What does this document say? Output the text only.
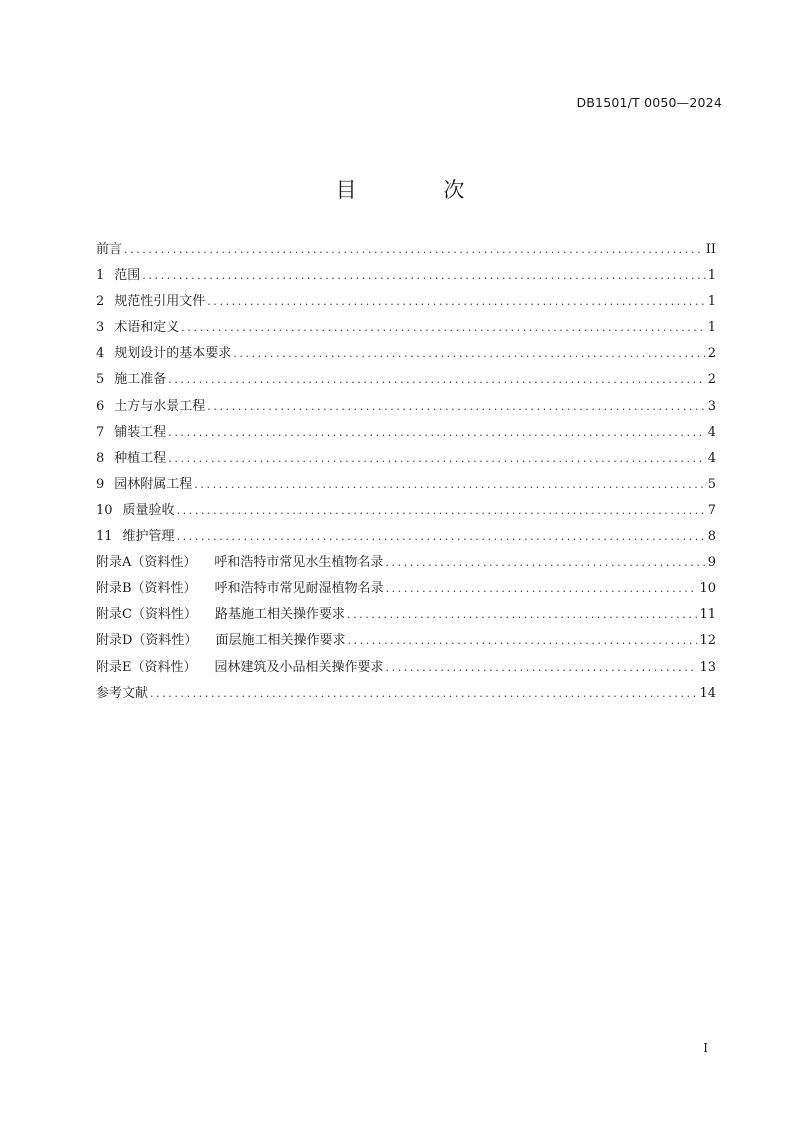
DB1501/T 0050—2024
目 次
前言 .....	II
1 范围 .....	1
2 规范性引用文件 .....	1
3 术语和定义 .....	1
4 规划设计的基本要求 .....	2
5 施工准备 .....	2
6 土方与水景工程 .....	3
7 铺装工程 .....	4
8 种植工程 .....	4
9 园林附属工程 .....	5
10 质量验收 .....	7
11 维护管理 .....	8
附录A（资料性） 呼和浩特市常见水生植物名录 .....	9
附录B（资料性） 呼和浩特市常见耐湿植物名录 .....	10
附录C（资料性） 路基施工相关操作要求 .....	11
附录D（资料性） 面层施工相关操作要求 .....	12
附录E（资料性） 园林建筑及小品相关操作要求 .....	13
参考文献 .....	14
I
